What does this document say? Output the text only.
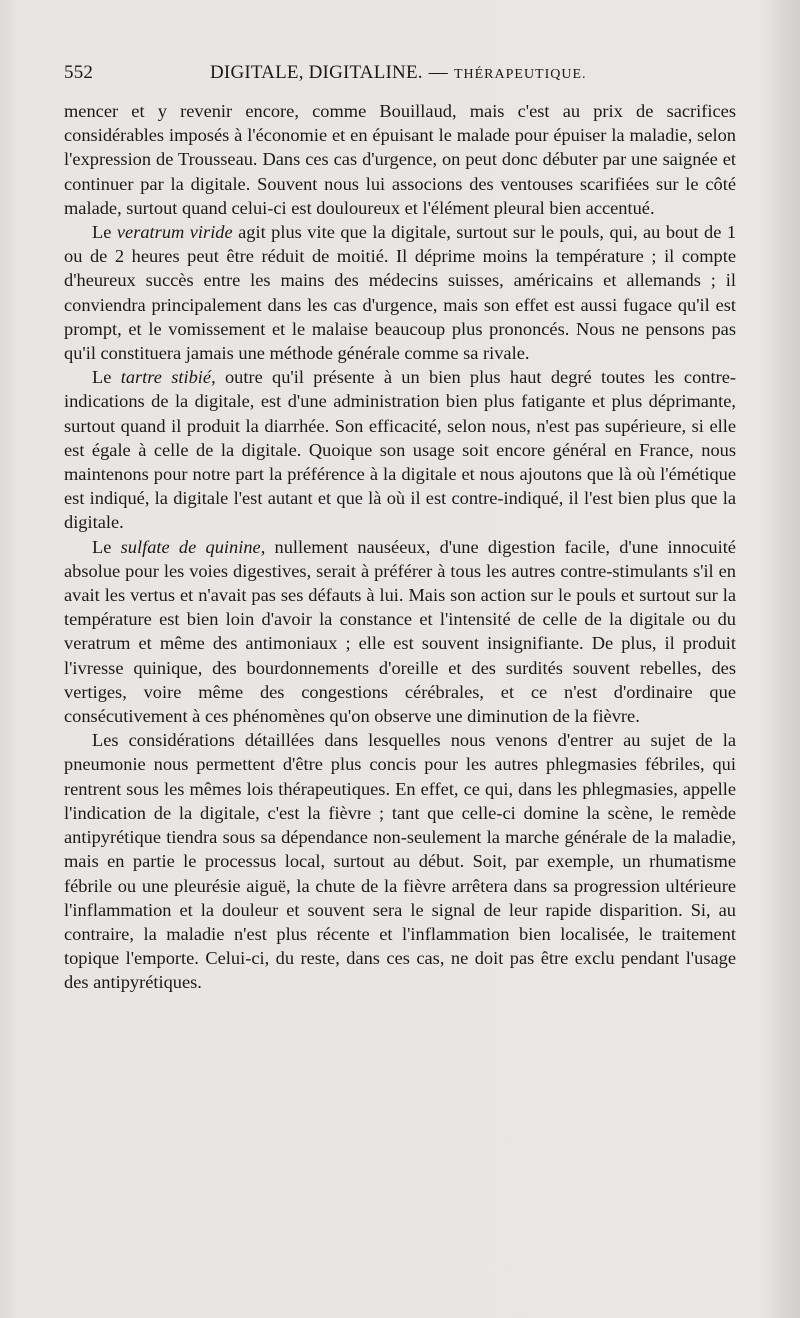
552	DIGITALE, DIGITALINE. — THÉRAPEUTIQUE.

mencer et y revenir encore, comme Bouillaud, mais c'est au prix de sacrifices considérables imposés à l'économie et en épuisant le malade pour épuiser la maladie, selon l'expression de Trousseau. Dans ces cas d'urgence, on peut donc débuter par une saignée et continuer par la digitale. Souvent nous lui associons des ventouses scarifiées sur le côté malade, surtout quand celui-ci est douloureux et l'élément pleural bien accentué.

Le veratrum viride agit plus vite que la digitale, surtout sur le pouls, qui, au bout de 1 ou de 2 heures peut être réduit de moitié. Il déprime moins la température ; il compte d'heureux succès entre les mains des médecins suisses, américains et allemands ; il conviendra principalement dans les cas d'urgence, mais son effet est aussi fugace qu'il est prompt, et le vomissement et le malaise beaucoup plus prononcés. Nous ne pensons pas qu'il constituera jamais une méthode générale comme sa rivale.

Le tartre stibié, outre qu'il présente à un bien plus haut degré toutes les contre-indications de la digitale, est d'une administration bien plus fatigante et plus déprimante, surtout quand il produit la diarrhée. Son efficacité, selon nous, n'est pas supérieure, si elle est égale à celle de la digitale. Quoique son usage soit encore général en France, nous maintenons pour notre part la préférence à la digitale et nous ajoutons que là où l'émétique est indiqué, la digitale l'est autant et que là où il est contre-indiqué, il l'est bien plus que la digitale.

Le sulfate de quinine, nullement nauséeux, d'une digestion facile, d'une innocuité absolue pour les voies digestives, serait à préférer à tous les autres contre-stimulants s'il en avait les vertus et n'avait pas ses défauts à lui. Mais son action sur le pouls et surtout sur la température est bien loin d'avoir la constance et l'intensité de celle de la digitale ou du veratrum et même des antimoniaux ; elle est souvent insignifiante. De plus, il produit l'ivresse quinique, des bourdonnements d'oreille et des surdités souvent rebelles, des vertiges, voire même des congestions cérébrales, et ce n'est d'ordinaire que consécutivement à ces phénomènes qu'on observe une diminution de la fièvre.

Les considérations détaillées dans lesquelles nous venons d'entrer au sujet de la pneumonie nous permettent d'être plus concis pour les autres phlegmasies fébriles, qui rentrent sous les mêmes lois thérapeutiques. En effet, ce qui, dans les phlegmasies, appelle l'indication de la digitale, c'est la fièvre ; tant que celle-ci domine la scène, le remède antipyrétique tiendra sous sa dépendance non-seulement la marche générale de la maladie, mais en partie le processus local, surtout au début. Soit, par exemple, un rhumatisme fébrile ou une pleurésie aiguë, la chute de la fièvre arrêtera dans sa progression ultérieure l'inflammation et la douleur et souvent sera le signal de leur rapide disparition. Si, au contraire, la maladie n'est plus récente et l'inflammation bien localisée, le traitement topique l'emporte. Celui-ci, du reste, dans ces cas, ne doit pas être exclu pendant l'usage des antipyrétiques.
